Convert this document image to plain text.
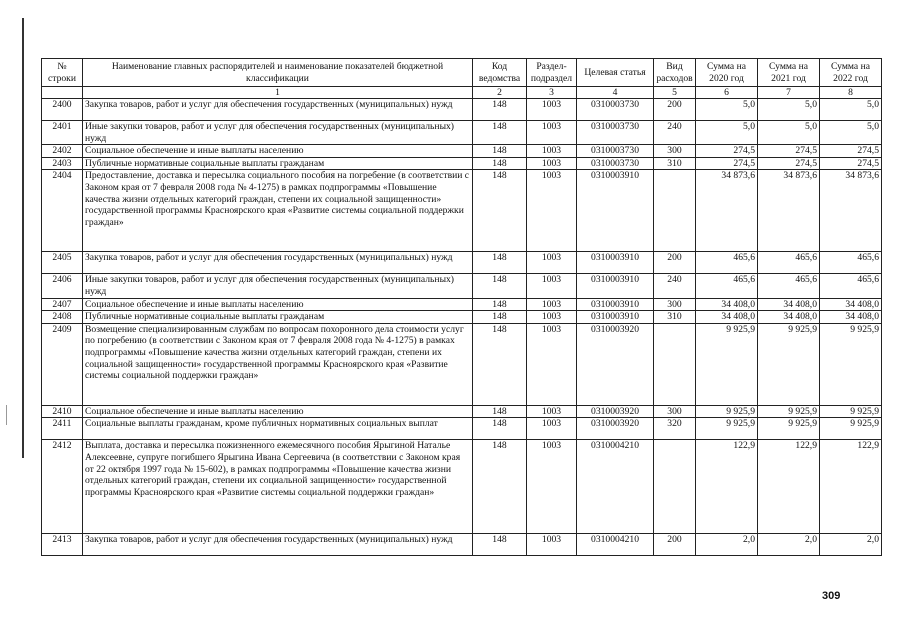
№
строки	Наименование главных распорядителей и наименование показателей бюджетной классификации	Код ведомства	Раздел-подраздел	Целевая статья	Вид расходов	Сумма на 2020 год	Сумма на 2021 год	Сумма на 2022 год
	1	2	3	4	5	6	7	8
2400	Закупка товаров, работ и услуг для обеспечения государственных (муниципальных) нужд	148	1003	0310003730	200	5,0	5,0	5,0
2401	Иные закупки товаров, работ и услуг для обеспечения государственных (муниципальных) нужд	148	1003	0310003730	240	5,0	5,0	5,0
2402	Социальное обеспечение и иные выплаты населению	148	1003	0310003730	300	274,5	274,5	274,5
2403	Публичные нормативные социальные выплаты гражданам	148	1003	0310003730	310	274,5	274,5	274,5
2404	Предоставление, доставка и пересылка социального пособия на погребение (в соответствии с Законом края от 7 февраля 2008 года № 4-1275) в рамках подпрограммы «Повышение качества жизни отдельных категорий граждан, степени их социальной защищенности» государственной программы Красноярского края «Развитие системы социальной поддержки граждан»	148	1003	0310003910		34 873,6	34 873,6	34 873,6
2405	Закупка товаров, работ и услуг для обеспечения государственных (муниципальных) нужд	148	1003	0310003910	200	465,6	465,6	465,6
2406	Иные закупки товаров, работ и услуг для обеспечения государственных (муниципальных) нужд	148	1003	0310003910	240	465,6	465,6	465,6
2407	Социальное обеспечение и иные выплаты населению	148	1003	0310003910	300	34 408,0	34 408,0	34 408,0
2408	Публичные нормативные социальные выплаты гражданам	148	1003	0310003910	310	34 408,0	34 408,0	34 408,0
2409	Возмещение специализированным службам по вопросам похоронного дела стоимости услуг по погребению (в соответствии с Законом края от 7 февраля 2008 года № 4-1275) в рамках подпрограммы «Повышение качества жизни отдельных категорий граждан, степени их социальной защищенности» государственной программы Красноярского края «Развитие системы социальной поддержки граждан»	148	1003	0310003920		9 925,9	9 925,9	9 925,9
2410	Социальное обеспечение и иные выплаты населению	148	1003	0310003920	300	9 925,9	9 925,9	9 925,9
2411	Социальные выплаты гражданам, кроме публичных нормативных социальных выплат	148	1003	0310003920	320	9 925,9	9 925,9	9 925,9
2412	Выплата, доставка и пересылка пожизненного ежемесячного пособия Ярыгиной Наталье Алексеевне, супруге погибшего Ярыгина Ивана Сергеевича (в соответствии с Законом края от 22 октября 1997 года № 15-602), в рамках подпрограммы «Повышение качества жизни отдельных категорий граждан, степени их социальной защищенности» государственной программы Красноярского края «Развитие системы социальной поддержки граждан»	148	1003	0310004210		122,9	122,9	122,9
2413	Закупка товаров, работ и услуг для обеспечения государственных (муниципальных) нужд	148	1003	0310004210	200	2,0	2,0	2,0
309
